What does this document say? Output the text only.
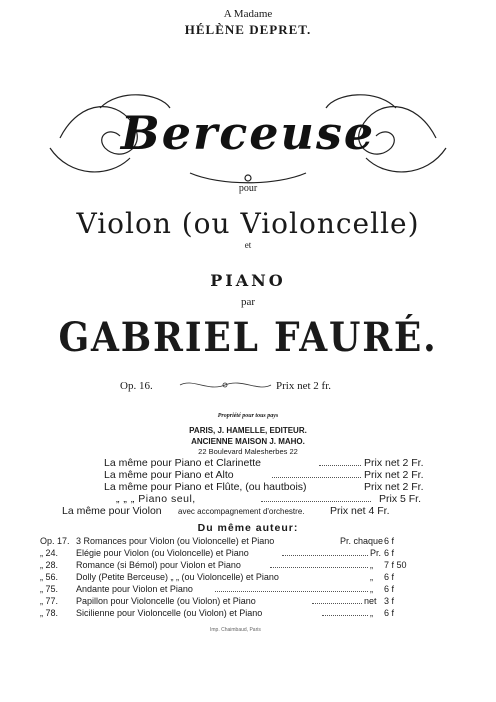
A Madame
HÉLÈNE DEPRET.
Berceuse
pour
Violon (ou Violoncelle)
et
PIANO
par
GABRIEL FAURÉ.
Op. 16.	Prix net 2 fr.
Propriété pour tous pays
PARIS, J. HAMELLE, EDITEUR.
ANCIENNE MAISON J. MAHO.
22 Boulevard Malesherbes 22
La même pour Piano et Clarinette	Prix net 2 Fr.
La même pour Piano et Alto	Prix net 2 Fr.
La même pour Piano et Flûte, (ou hautbois)	Prix net 2 Fr.
„ „ „ Piano seul,	Prix 5 Fr.
La même pour Violon avec accompagnement d'orchestre. Prix net 4 Fr.
Du même auteur:
Op. 17. 3 Romances pour Violon (ou Violoncelle) et Piano	Pr. chaque 6 f
„ 24.	Elégie pour Violon (ou Violoncelle) et Piano	Pr. 6 f
„ 28.	Romance (si Bémol) pour Violon et Piano	„ 7 f 50
„ 56.	Dolly (Petite Berceuse) „ „ (ou Violoncelle) et Piano	„ 6 f
„ 75.	Andante pour Violon et Piano	„ 6 f
„ 77.	Papillon pour Violoncelle (ou Violon) et Piano	net 3 f
„ 78.	Sicilienne pour Violoncelle (ou Violon) et Piano	„ 6 f
Imp. Chaimbaud, Paris
